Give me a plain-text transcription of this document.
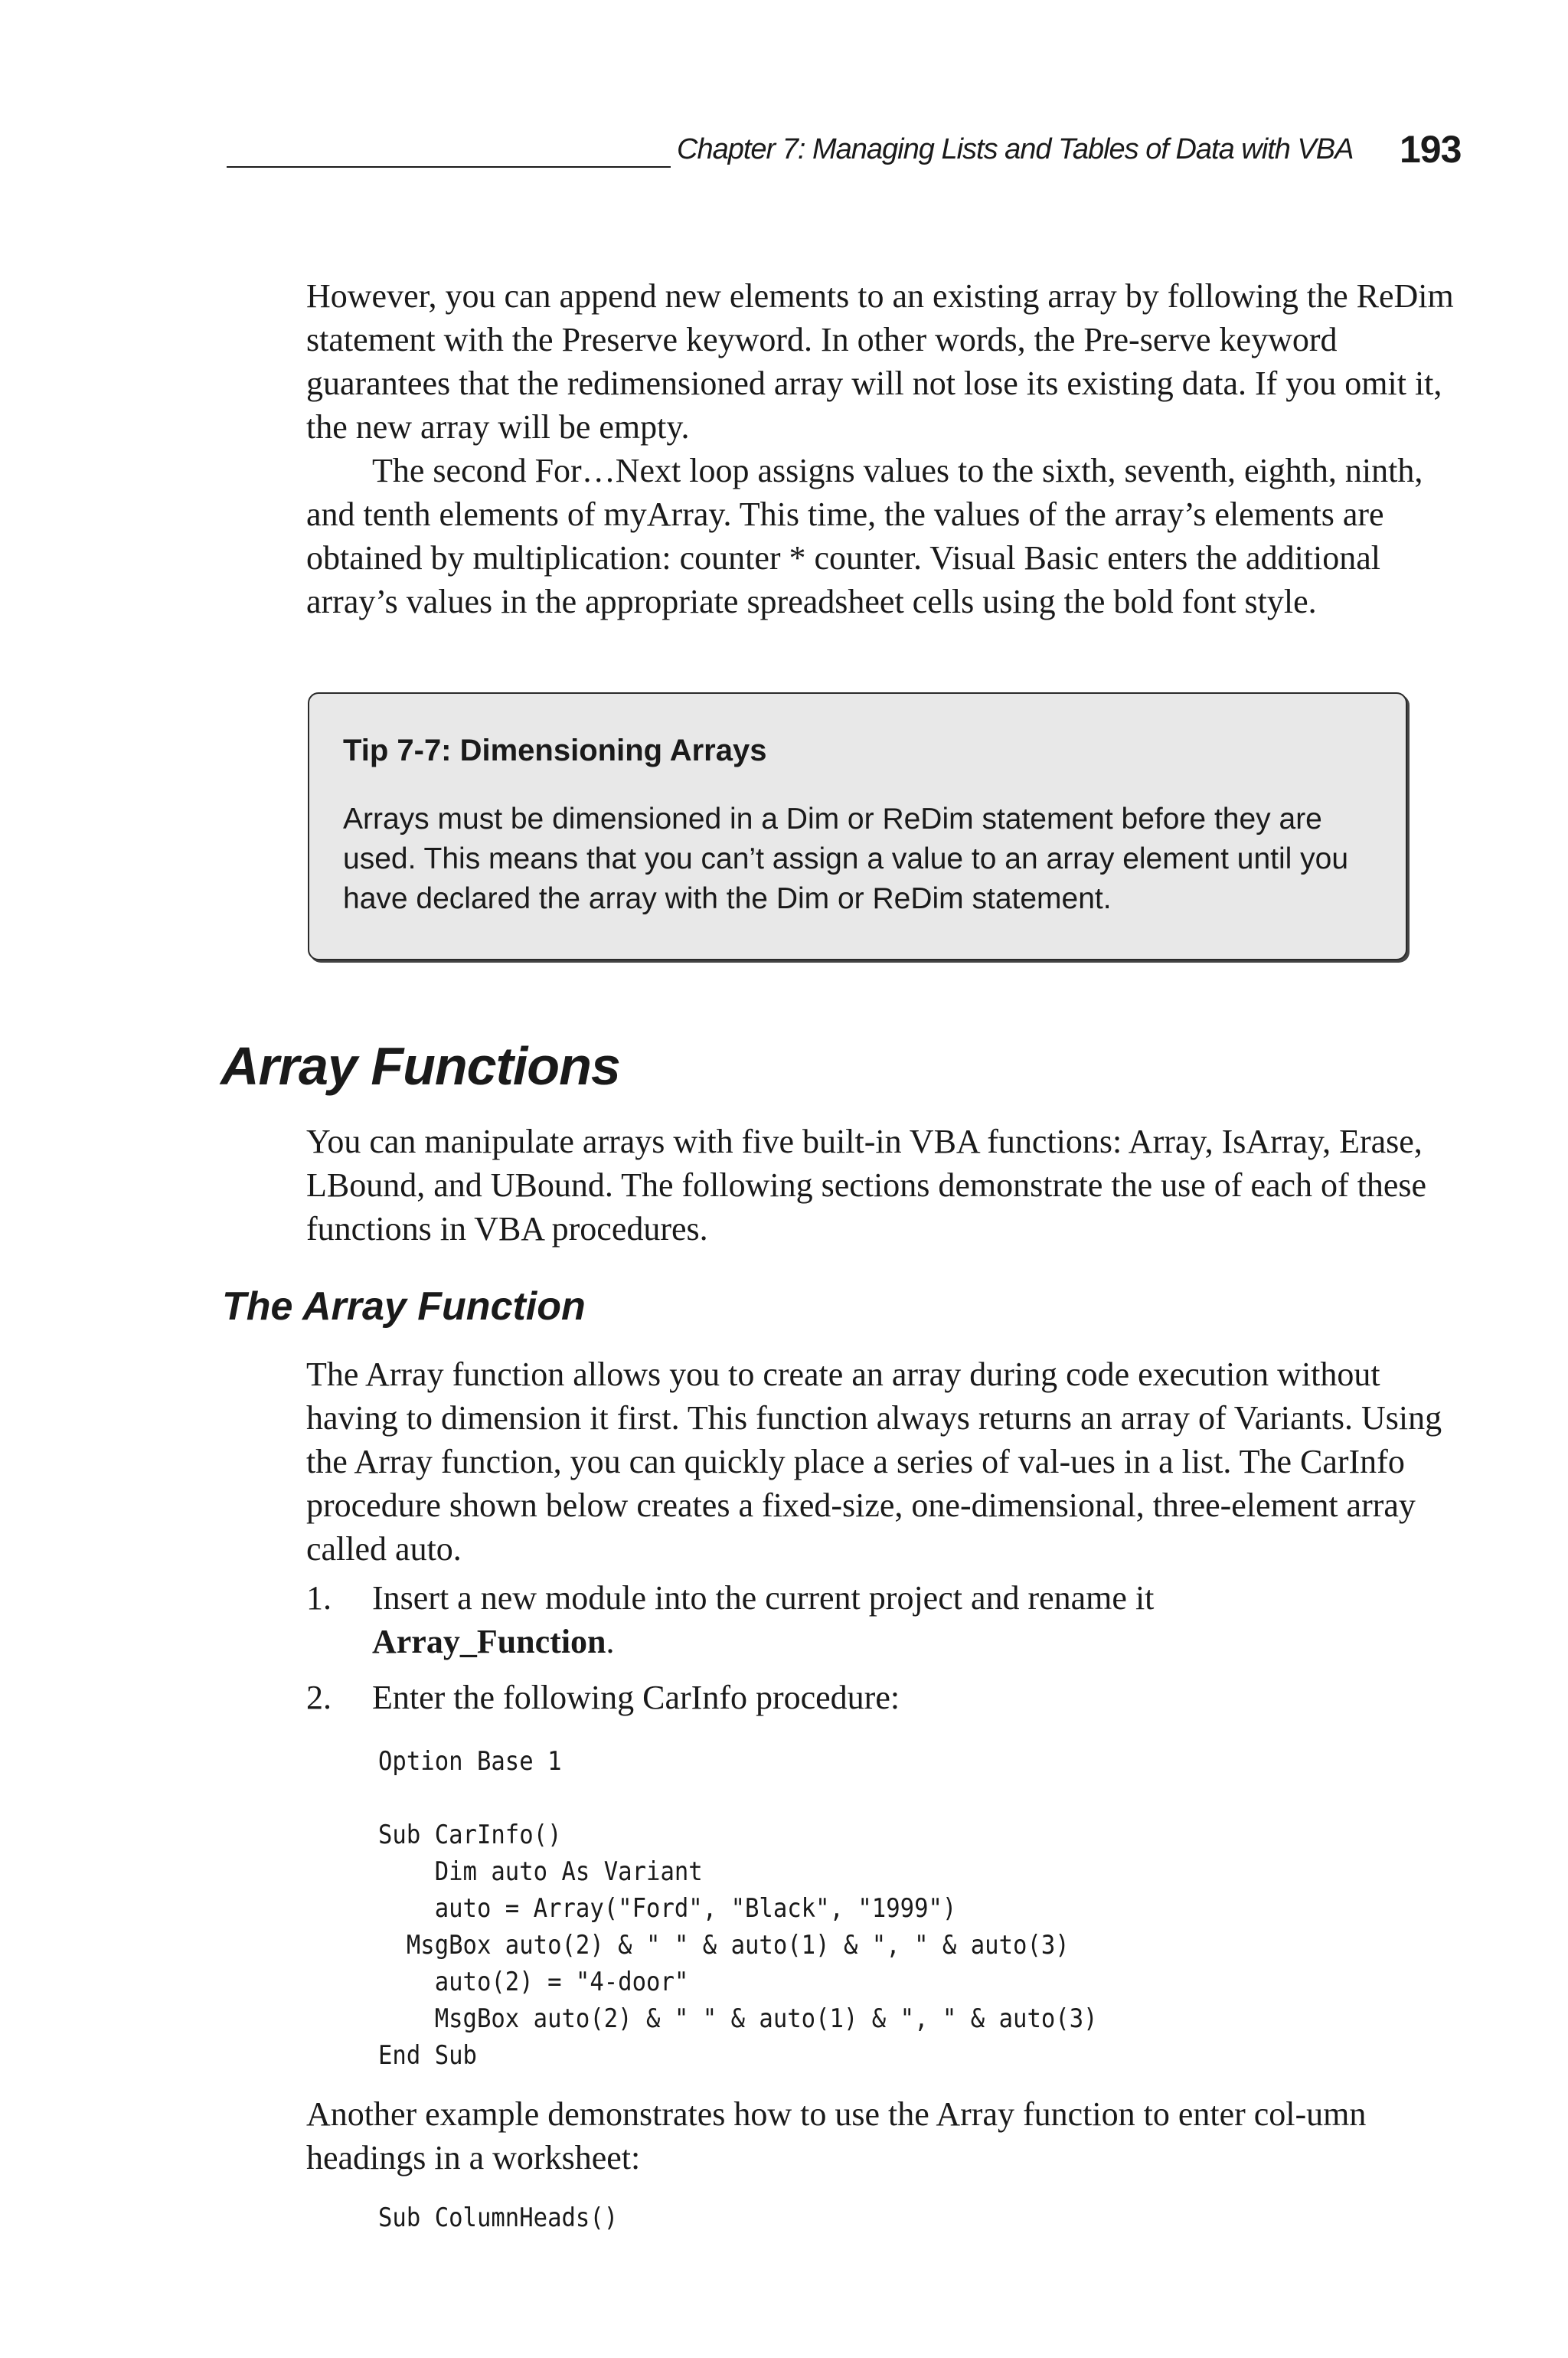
Chapter 7: Managing Lists and Tables of Data with VBA 193

However, you can append new elements to an existing array by following the ReDim statement with the Preserve keyword. In other words, the Pre-serve keyword guarantees that the redimensioned array will not lose its existing data. If you omit it, the new array will be empty.

The second For…Next loop assigns values to the sixth, seventh, eighth, ninth, and tenth elements of myArray. This time, the values of the array’s elements are obtained by multiplication: counter * counter. Visual Basic enters the additional array’s values in the appropriate spreadsheet cells using the bold font style.

Tip 7-7: Dimensioning Arrays

Arrays must be dimensioned in a Dim or ReDim statement before they are used. This means that you can’t assign a value to an array element until you have declared the array with the Dim or ReDim statement.

Array Functions

You can manipulate arrays with five built-in VBA functions: Array, IsArray, Erase, LBound, and UBound. The following sections demonstrate the use of each of these functions in VBA procedures.

The Array Function

The Array function allows you to create an array during code execution without having to dimension it first. This function always returns an array of Variants. Using the Array function, you can quickly place a series of val-ues in a list. The CarInfo procedure shown below creates a fixed-size, one-dimensional, three-element array called auto.

1. Insert a new module into the current project and rename it
Array_Function.
2. Enter the following CarInfo procedure:
Option Base 1

Sub CarInfo()
Dim auto As Variant
auto = Array("Ford", "Black", "1999")
MsgBox auto(2) & " " & auto(1) & ", " & auto(3)
auto(2) = "4-door"
MsgBox auto(2) & " " & auto(1) & ", " & auto(3)
End Sub

Another example demonstrates how to use the Array function to enter col-umn headings in a worksheet:

Sub ColumnHeads()
